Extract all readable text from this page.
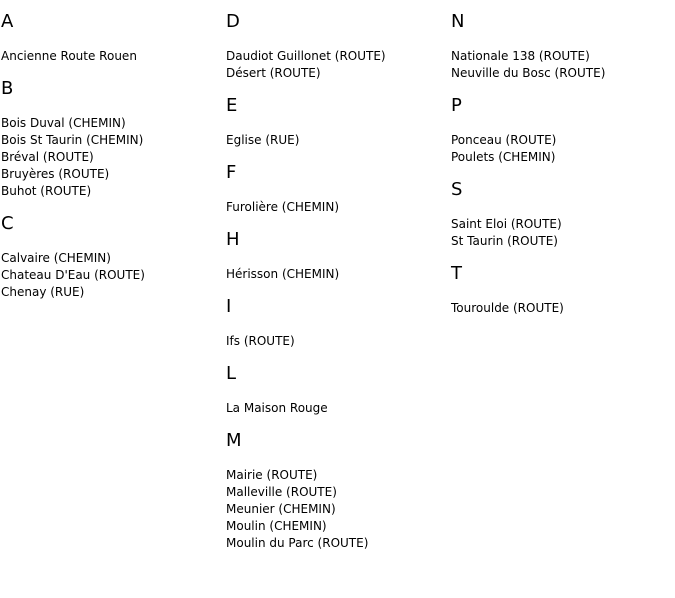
A
Ancienne Route Rouen
B
Bois Duval (CHEMIN)
Bois St Taurin (CHEMIN)
Bréval (ROUTE)
Bruyères (ROUTE)
Buhot (ROUTE)
C
Calvaire (CHEMIN)
Chateau D'Eau (ROUTE)
Chenay (RUE)
D
Daudiot Guillonet (ROUTE)
Désert (ROUTE)
E
Eglise (RUE)
F
Furolière (CHEMIN)
H
Hérisson (CHEMIN)
I
Ifs (ROUTE)
L
La Maison Rouge
M
Mairie (ROUTE)
Malleville (ROUTE)
Meunier (CHEMIN)
Moulin (CHEMIN)
Moulin du Parc (ROUTE)
N
Nationale 138 (ROUTE)
Neuville du Bosc (ROUTE)
P
Ponceau (ROUTE)
Poulets (CHEMIN)
S
Saint Eloi (ROUTE)
St Taurin (ROUTE)
T
Touroulde (ROUTE)
